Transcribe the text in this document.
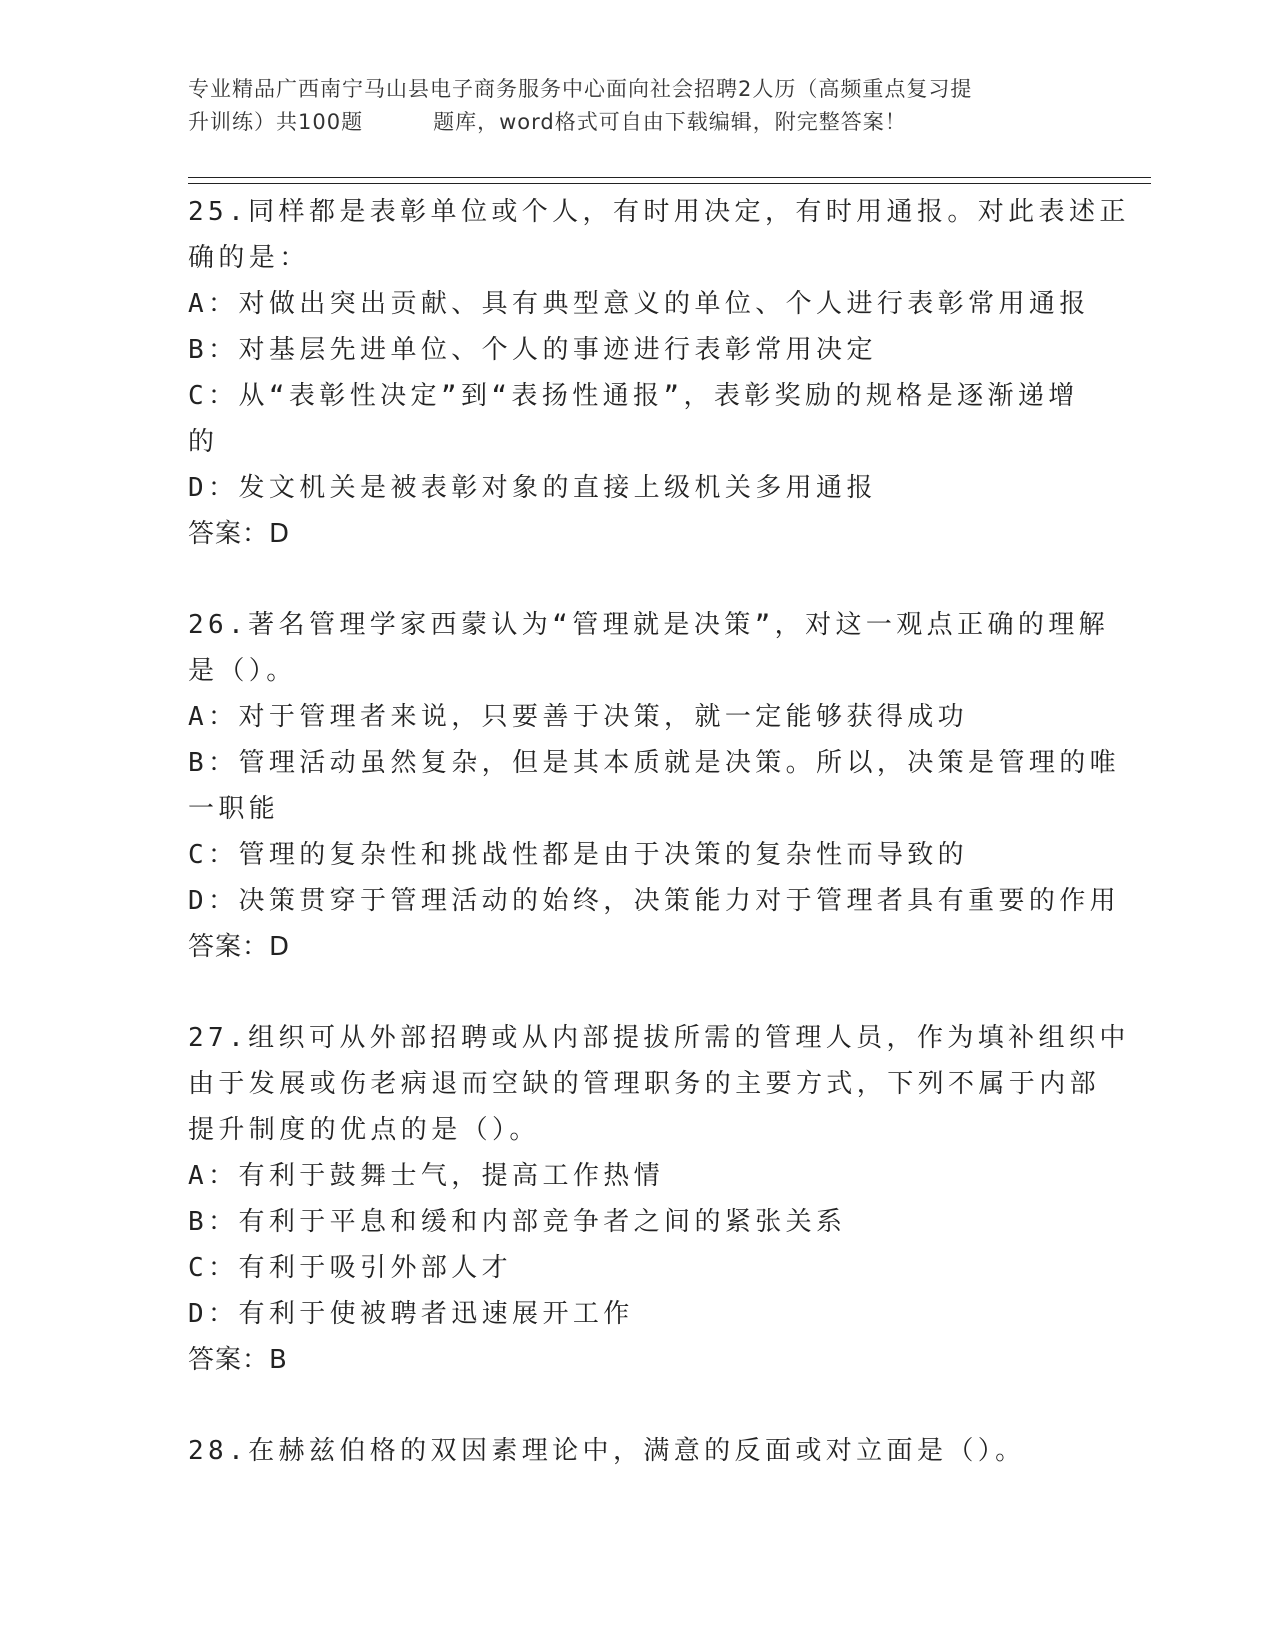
专业精品广西南宁马山县电子商务服务中心面向社会招聘2人历（高频重点复习提
升训练）共100题	题库，word格式可自由下载编辑，附完整答案！
25.同样都是表彰单位或个人，有时用决定，有时用通报。对此表述正
确的是：
A：对做出突出贡献、具有典型意义的单位、个人进行表彰常用通报
B：对基层先进单位、个人的事迹进行表彰常用决定
C：从“表彰性决定”到“表扬性通报”，表彰奖励的规格是逐渐递增
的
D：发文机关是被表彰对象的直接上级机关多用通报
答案：D
26.著名管理学家西蒙认为“管理就是决策”，对这一观点正确的理解
是（）。
A：对于管理者来说，只要善于决策，就一定能够获得成功
B：管理活动虽然复杂，但是其本质就是决策。所以，决策是管理的唯
一职能
C：管理的复杂性和挑战性都是由于决策的复杂性而导致的
D：决策贯穿于管理活动的始终，决策能力对于管理者具有重要的作用
答案：D
27.组织可从外部招聘或从内部提拔所需的管理人员，作为填补组织中
由于发展或伤老病退而空缺的管理职务的主要方式，下列不属于内部
提升制度的优点的是（）。
A：有利于鼓舞士气，提高工作热情
B：有利于平息和缓和内部竞争者之间的紧张关系
C：有利于吸引外部人才
D：有利于使被聘者迅速展开工作
答案：B
28.在赫兹伯格的双因素理论中，满意的反面或对立面是（）。
